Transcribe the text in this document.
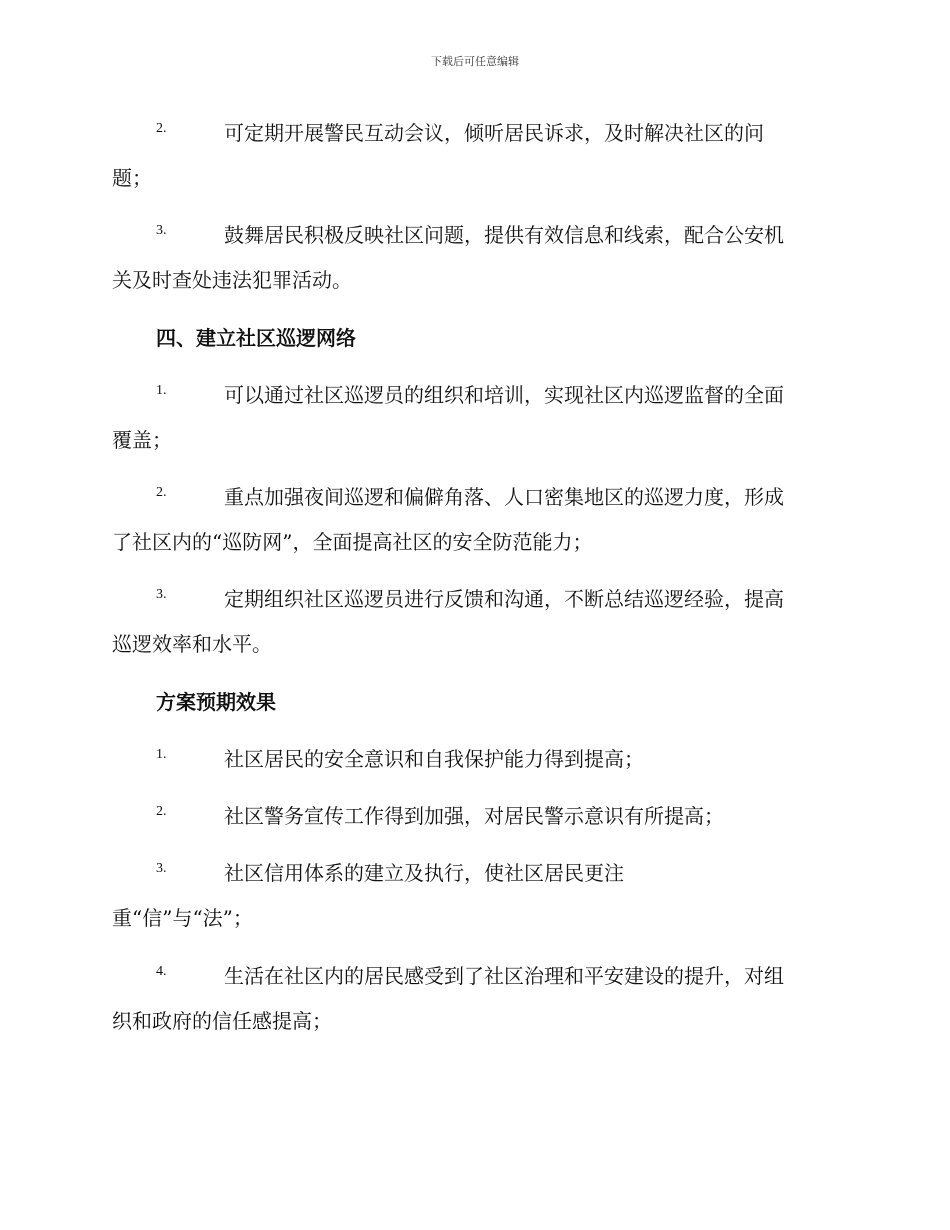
下载后可任意编辑
2.	可定期开展警民互动会议，倾听居民诉求，及时解决社区的问
题；
3.	鼓舞居民积极反映社区问题，提供有效信息和线索，配合公安机
关及时查处违法犯罪活动。
四、建立社区巡逻网络
1.	可以通过社区巡逻员的组织和培训，实现社区内巡逻监督的全面
覆盖；
2.	重点加强夜间巡逻和偏僻角落、人口密集地区的巡逻力度，形成
了社区内的“巡防网”，全面提高社区的安全防范能力；
3.	定期组织社区巡逻员进行反馈和沟通，不断总结巡逻经验，提高
巡逻效率和水平。
方案预期效果
1.	社区居民的安全意识和自我保护能力得到提高；
2.	社区警务宣传工作得到加强，对居民警示意识有所提高；
3.	社区信用体系的建立及执行，使社区居民更注
重“信”与“法”；
4.	生活在社区内的居民感受到了社区治理和平安建设的提升，对组
织和政府的信任感提高；
